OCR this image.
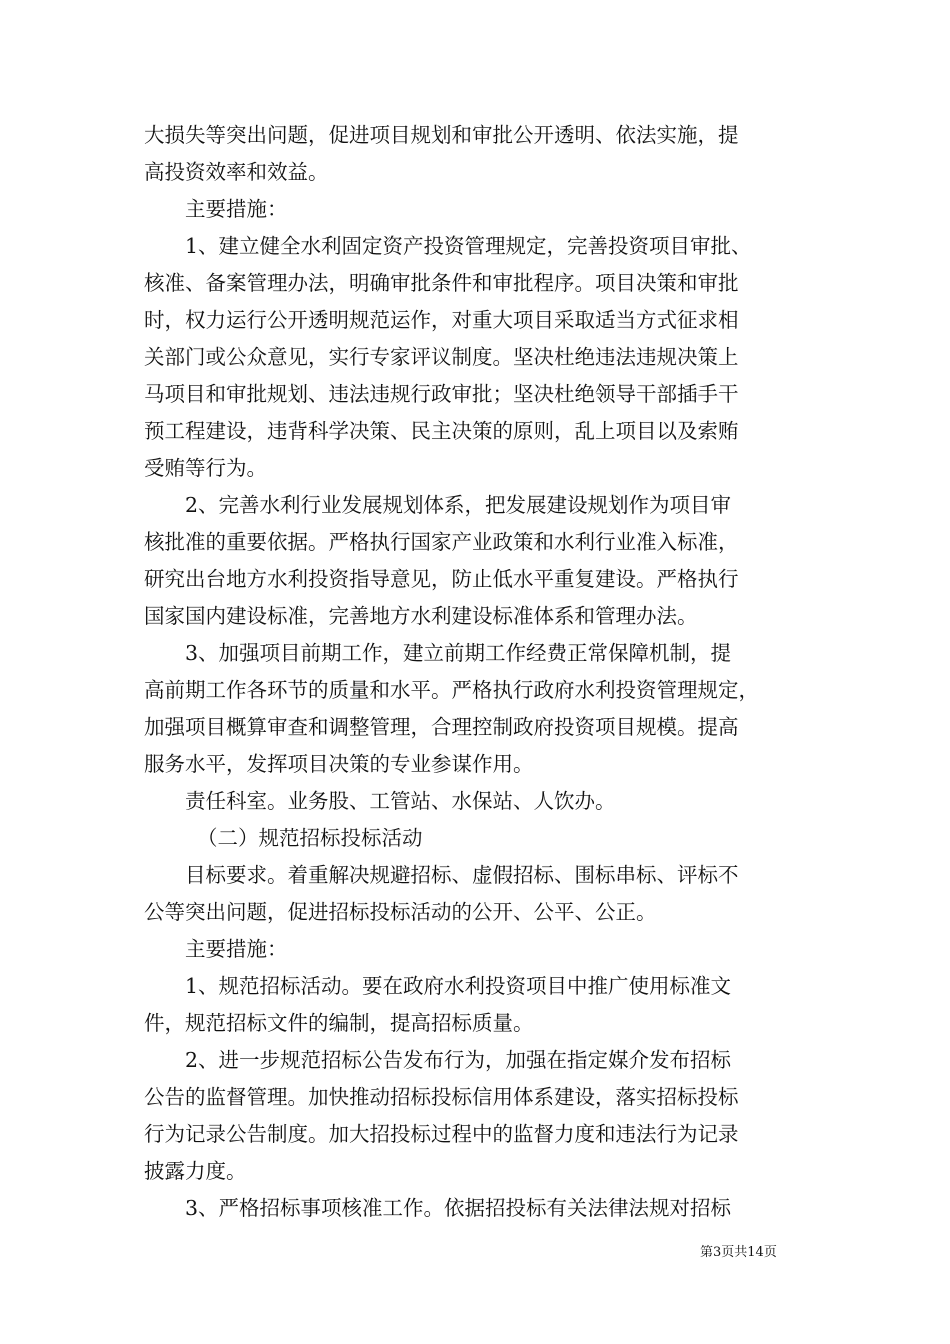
大损失等突出问题，促进项目规划和审批公开透明、依法实施，提
高投资效率和效益。
主要措施：
1、建立健全水利固定资产投资管理规定，完善投资项目审批、
核准、备案管理办法，明确审批条件和审批程序。项目决策和审批
时，权力运行公开透明规范运作，对重大项目采取适当方式征求相
关部门或公众意见，实行专家评议制度。坚决杜绝违法违规决策上
马项目和审批规划、违法违规行政审批；坚决杜绝领导干部插手干
预工程建设，违背科学决策、民主决策的原则，乱上项目以及索贿
受贿等行为。
2、完善水利行业发展规划体系，把发展建设规划作为项目审
核批准的重要依据。严格执行国家产业政策和水利行业准入标准，
研究出台地方水利投资指导意见，防止低水平重复建设。严格执行
国家国内建设标准，完善地方水利建设标准体系和管理办法。
3、加强项目前期工作，建立前期工作经费正常保障机制，提
高前期工作各环节的质量和水平。严格执行政府水利投资管理规定，
加强项目概算审查和调整管理，合理控制政府投资项目规模。提高
服务水平，发挥项目决策的专业参谋作用。
责任科室。业务股、工管站、水保站、人饮办。
（二）规范招标投标活动
目标要求。着重解决规避招标、虚假招标、围标串标、评标不
公等突出问题，促进招标投标活动的公开、公平、公正。
主要措施：
1、规范招标活动。要在政府水利投资项目中推广使用标准文
件，规范招标文件的编制，提高招标质量。
2、进一步规范招标公告发布行为，加强在指定媒介发布招标
公告的监督管理。加快推动招标投标信用体系建设，落实招标投标
行为记录公告制度。加大招投标过程中的监督力度和违法行为记录
披露力度。
3、严格招标事项核准工作。依据招投标有关法律法规对招标
第3页共14页
